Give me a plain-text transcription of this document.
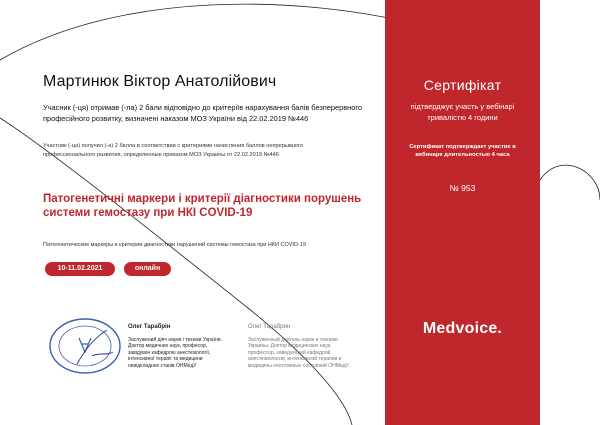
Мартинюк Віктор Анатолійович
Учасник (-ця) отримав (-ла) 2 бали відповідно до критеріїв нарахування балів безперервного професійного розвитку, визначені наказом МОЗ України від 22.02.2019 №446
Участник (-ца) получил (-а) 2 балла в соответствии с критериями начисления баллов непрерывного профессионального развития, определенные приказом МОЗ Украины от 22.02.2019 №446
Патогенетичні маркери і критерії діагностики порушень системи гемостазу при НКІ COVID-19
Патогенетические маркеры и критерии диагностики нарушений системы гемостаза при НКИ COVID-19
10-11.02.2021	онлайн
Олег Тарабрін
Заслужений діяч науки і техніки України. Доктор медичних наук, професор, завідувач кафедрою анестезіології, інтенсивної терапії та медицини невідкладних станів ОНМедУ
Олег Тарабрин
Заслуженный деятель науки и техники Украины. Доктор медицинских наук, профессор, заведующий кафедрой анестезиологии, интенсивной терапии и медицины неотложных состояний ОНМедУ
Сертифікат
підтверджує участь у вебінарі тривалістю 4 години
Сертификат подтверждает участие в вебинаре длительностью 4 часа
№ 953
Medvoice.
